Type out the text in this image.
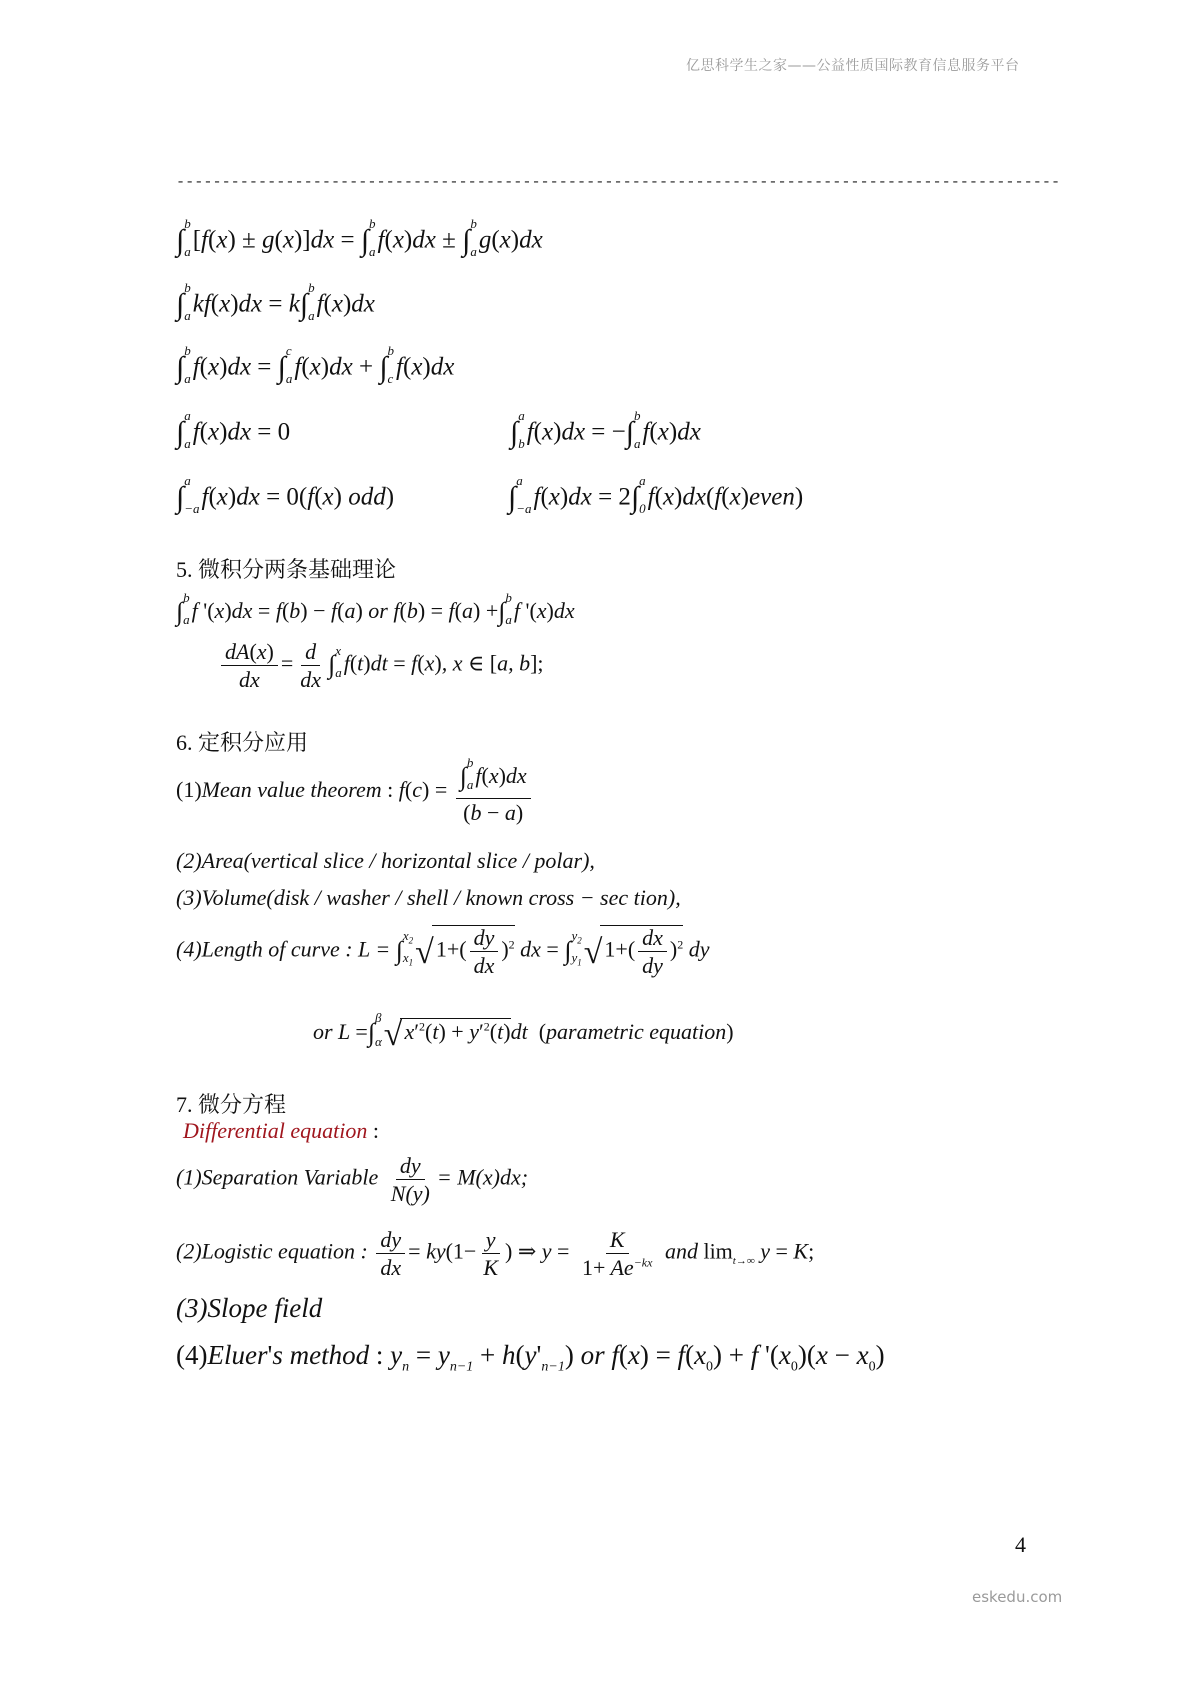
亿思科学生之家——公益性质国际教育信息服务平台
-------------------------------------------------------------------------------------------------
4
eskedu.com
∫
b
a [f(x) ± g(x)]dx = ∫
b
a f(x)dx ± ∫
b
a g(x)dx
∫
b
a kf(x)dx = k∫
b
a f(x)dx
∫
b
a f(x)dx = ∫
c
a f(x)dx + ∫
b
c f(x)dx
∫
a
a f(x)dx = 0	∫
a
b f(x)dx = −∫
b
a f(x)dx
∫
a
−a f(x)dx = 0(f(x) odd)	∫
a
−a f(x)dx = 2∫
a
0 f(x)dx(f(x)even)
5. 微积分两条基础理论
∫ b
a f '(x)dx = f(b) − f(a) or f(b) = f(a) +∫ b
a f '(x)dx
$\frac{dA(x)}{dx} = \frac{d}{dx}$ ∫ x
a f(t)dt = f(x), x ∈ [a, b];
6. 定积分应用
(1)Mean value theorem : f(c) = ∫ b
a f(x)dx
(b − a)
(2)Area(vertical slice / horizontal slice / polar),
(3)Volume(disk / washer / shell / known cross − sec tion),
(4)Length of curve : L = ∫
$x_2$
$x_1$ $√1+( \frac{dy}{dx} )^2$ dx = ∫
$y_2$
$y_1$ $√1+( \frac{dx}{dy} )^2$ dy
or L =∫
β
α $√x'^2(t) + y'^2(t)dt$  (parametric equation)
7. 微分方程
Differential equation :
(1)Separation Variable $\frac{dy}{N(y)} = M(x)dx$;
(2)Logistic equation : $\frac{dy}{dx} = ky(1- \frac{y}{K}$ ) ⇒ $y = \frac{K}{1+ Ae^{-kx}}$ and $\lim_{t\to\infty} y = K$;
(3)Slope field
(4)Eluer's method : $y_n = y_{n-1} + h(y'_{n-1})$ or $f(x) = f(x_0) + f$ '$(x_0)(x - x_0)$
